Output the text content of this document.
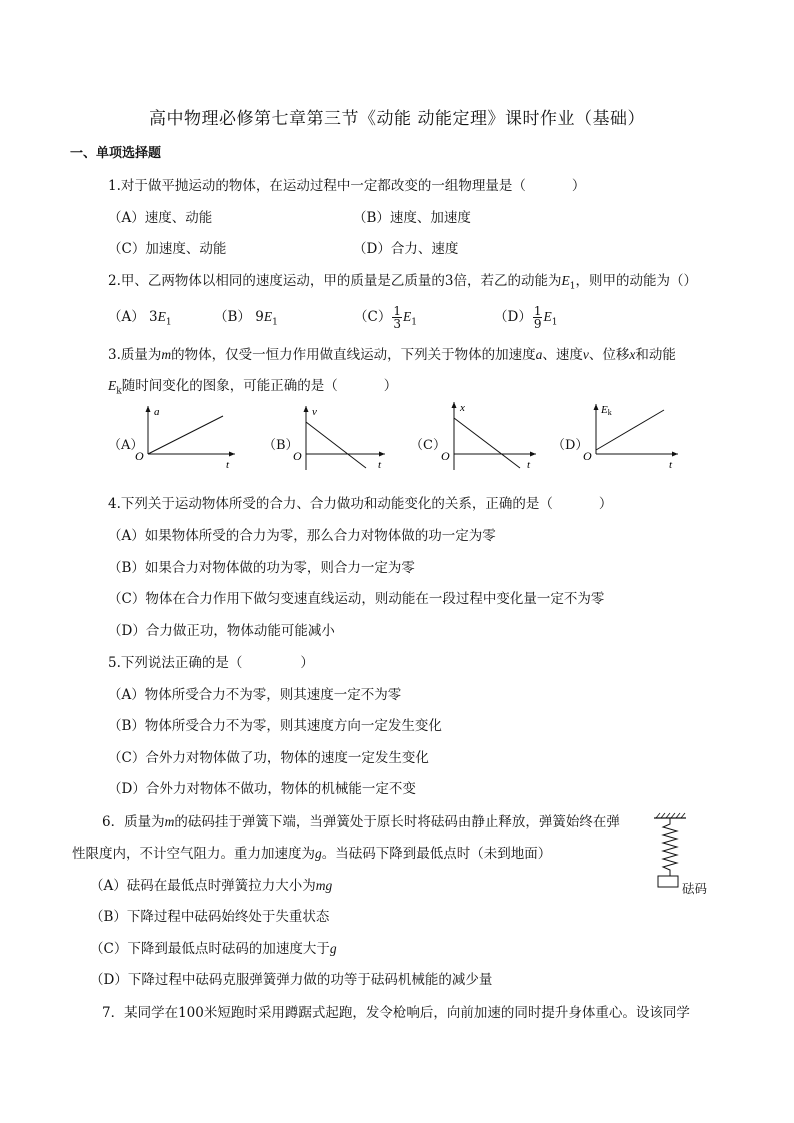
高中物理必修第七章第三节《动能 动能定理》课时作业（基础）
一、单项选择题
1.对于做平抛运动的物体，在运动过程中一定都改变的一组物理量是（	）
（A）速度、动能	（B）速度、加速度
（C）加速度、动能	（D）合力、速度
2.甲、乙两物体以相同的速度运动，甲的质量是乙质量的3倍，若乙的动能为$E_1$，则甲的动能为（）
（A） $3E_1$	（B） $9E_1$	$(C) \frac{1}{3} E_1$	$(D) \frac{1}{9} E_1$
3.质量为m的物体，仅受一恒力作用做直线运动，下列关于物体的加速度a、速度v、位移x和动能
$E_k$随时间变化的图象，可能正确的是（	）
（A）
a
O
t
（B）
v
O
t
（C）
x
O
t
（D）
Ek
O
t
4.下列关于运动物体所受的合力、合力做功和动能变化的关系，正确的是（	）
（A）如果物体所受的合力为零，那么合力对物体做的功一定为零
（B）如果合力对物体做的功为零，则合力一定为零
（C）物体在合力作用下做匀变速直线运动，则动能在一段过程中变化量一定不为零
（D）合力做正功，物体动能可能减小
5.下列说法正确的是（	）
（A）物体所受合力不为零，则其速度一定不为零
（B）物体所受合力不为零，则其速度方向一定发生变化
（C）合外力对物体做了功，物体的速度一定发生变化
（D）合外力对物体不做功，物体的机械能一定不变
6．质量为m的砝码挂于弹簧下端，当弹簧处于原长时将砝码由静止释放，弹簧始终在弹
性限度内，不计空气阻力。重力加速度为g。当砝码下降到最低点时（未到地面）
（A）砝码在最低点时弹簧拉力大小为mg
（B）下降过程中砝码始终处于失重状态
（C）下降到最低点时砝码的加速度大于g
（D）下降过程中砝码克服弹簧弹力做的功等于砝码机械能的减少量
砝码
7．某同学在100米短跑时采用蹲踞式起跑，发令枪响后，向前加速的同时提升身体重心。设该同学
